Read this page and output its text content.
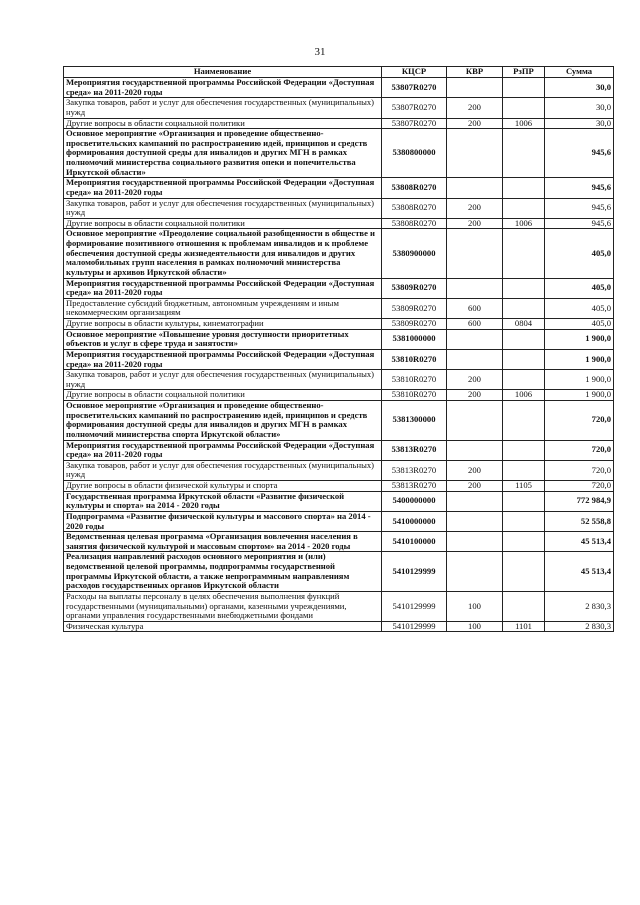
31
Наименование	КЦСР	КВР	РзПР	Сумма
Мероприятия государственной программы Российской Федерации «Доступная среда» на 2011-2020 годы	53807R0270			30,0
Закупка товаров, работ и услуг для обеспечения государственных (муниципальных) нужд	53807R0270	200		30,0
Другие вопросы в области социальной политики	53807R0270	200	1006	30,0
Основное мероприятие «Организация и проведение общественно-просветительских кампаний по распространению идей, принципов и средств формирования доступной среды для инвалидов и других МГН в рамках полномочий министерства социального развития опеки и попечительства Иркутской области»	5380800000			945,6
Мероприятия государственной программы Российской Федерации «Доступная среда» на 2011-2020 годы	53808R0270			945,6
Закупка товаров, работ и услуг для обеспечения государственных (муниципальных) нужд	53808R0270	200		945,6
Другие вопросы в области социальной политики	53808R0270	200	1006	945,6
Основное мероприятие «Преодоление социальной разобщенности в обществе и формирование позитивного отношения к проблемам инвалидов и к проблеме обеспечения доступной среды жизнедеятельности для инвалидов и других маломобильных групп населения в рамках полномочий министерства культуры и архивов Иркутской области»	5380900000			405,0
Мероприятия государственной программы Российской Федерации «Доступная среда» на 2011-2020 годы	53809R0270			405,0
Предоставление субсидий бюджетным, автономным учреждениям и иным некоммерческим организациям	53809R0270	600		405,0
Другие вопросы в области культуры, кинематографии	53809R0270	600	0804	405,0
Основное мероприятие «Повышение уровня доступности приоритетных объектов и услуг в сфере труда и занятости»	5381000000			1 900,0
Мероприятия государственной программы Российской Федерации «Доступная среда» на 2011-2020 годы	53810R0270			1 900,0
Закупка товаров, работ и услуг для обеспечения государственных (муниципальных) нужд	53810R0270	200		1 900,0
Другие вопросы в области социальной политики	53810R0270	200	1006	1 900,0
Основное мероприятие «Организация и проведение общественно-просветительских кампаний по распространению идей, принципов и средств формирования доступной среды для инвалидов и других МГН в рамках полномочий министерства спорта Иркутской области»	5381300000			720,0
Мероприятия государственной программы Российской Федерации «Доступная среда» на 2011-2020 годы	53813R0270			720,0
Закупка товаров, работ и услуг для обеспечения государственных (муниципальных) нужд	53813R0270	200		720,0
Другие вопросы в области физической культуры и спорта	53813R0270	200	1105	720,0
Государственная программа Иркутской области «Развитие физической культуры и спорта» на 2014 - 2020 годы	5400000000			772 984,9
Подпрограмма «Развитие физической культуры и массового спорта» на 2014 - 2020 годы	5410000000			52 558,8
Ведомственная целевая программа «Организация вовлечения населения в занятия физической культурой и массовым спортом» на 2014 - 2020 годы	5410100000			45 513,4
Реализация направлений расходов основного мероприятия и (или) ведомственной целевой программы, подпрограммы государственной программы Иркутской области, а также непрограммным направлениям расходов государственных органов Иркутской области	5410129999			45 513,4
Расходы на выплаты персоналу в целях обеспечения выполнения функций государственными (муниципальными) органами, казенными учреждениями, органами управления государственными внебюджетными фондами	5410129999	100		2 830,3
Физическая культура	5410129999	100	1101	2 830,3
